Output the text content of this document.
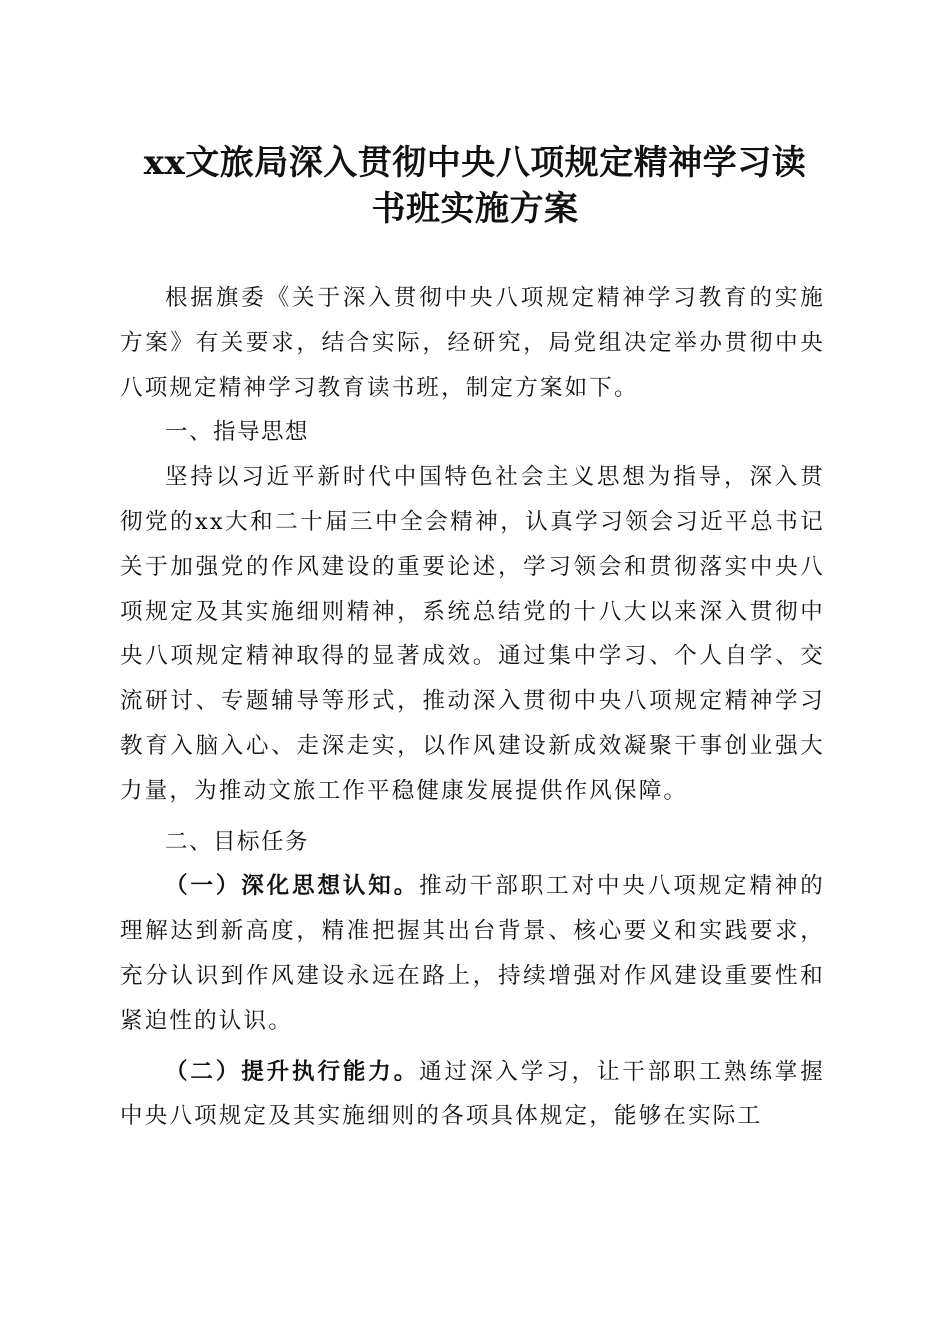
xx文旅局深入贯彻中央八项规定精神学习读
书班实施方案

根据旗委《关于深入贯彻中央八项规定精神学习教育的实施方案》有关要求，结合实际，经研究，局党组决定举办贯彻中央八项规定精神学习教育读书班，制定方案如下。

一、指导思想

坚持以习近平新时代中国特色社会主义思想为指导，深入贯彻党的xx大和二十届三中全会精神，认真学习领会习近平总书记关于加强党的作风建设的重要论述，学习领会和贯彻落实中央八项规定及其实施细则精神，系统总结党的十八大以来深入贯彻中央八项规定精神取得的显著成效。通过集中学习、个人自学、交流研讨、专题辅导等形式，推动深入贯彻中央八项规定精神学习教育入脑入心、走深走实，以作风建设新成效凝聚干事创业强大力量，为推动文旅工作平稳健康发展提供作风保障。

二、目标任务

（一）深化思想认知。推动干部职工对中央八项规定精神的理解达到新高度，精准把握其出台背景、核心要义和实践要求，充分认识到作风建设永远在路上，持续增强对作风建设重要性和紧迫性的认识。

（二）提升执行能力。通过深入学习，让干部职工熟练掌握中央八项规定及其实施细则的各项具体规定，能够在实际工
